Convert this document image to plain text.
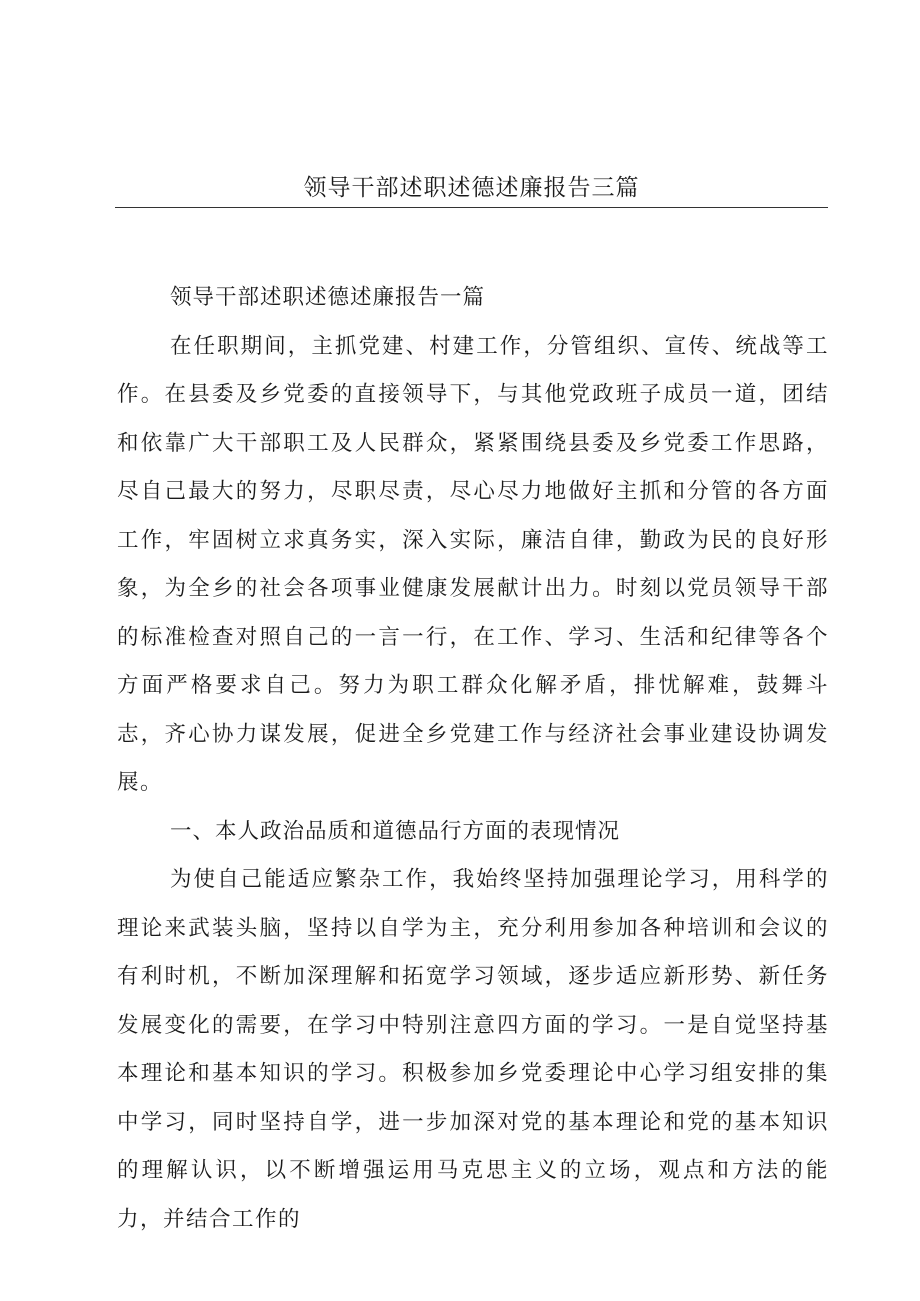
领导干部述职述德述廉报告三篇

领导干部述职述德述廉报告一篇

在任职期间，主抓党建、村建工作，分管组织、宣传、统战等工作。在县委及乡党委的直接领导下，与其他党政班子成员一道，团结和依靠广大干部职工及人民群众，紧紧围绕县委及乡党委工作思路，尽自己最大的努力，尽职尽责，尽心尽力地做好主抓和分管的各方面工作，牢固树立求真务实，深入实际，廉洁自律，勤政为民的良好形象，为全乡的社会各项事业健康发展献计出力。时刻以党员领导干部的标准检查对照自己的一言一行，在工作、学习、生活和纪律等各个方面严格要求自己。努力为职工群众化解矛盾，排忧解难，鼓舞斗志，齐心协力谋发展，促进全乡党建工作与经济社会事业建设协调发展。

一、本人政治品质和道德品行方面的表现情况

为使自己能适应繁杂工作，我始终坚持加强理论学习，用科学的理论来武装头脑，坚持以自学为主，充分利用参加各种培训和会议的有利时机，不断加深理解和拓宽学习领域，逐步适应新形势、新任务发展变化的需要，在学习中特别注意四方面的学习。一是自觉坚持基本理论和基本知识的学习。积极参加乡党委理论中心学习组安排的集中学习，同时坚持自学，进一步加深对党的基本理论和党的基本知识的理解认识，以不断增强运用马克思主义的立场，观点和方法的能力，并结合工作的
